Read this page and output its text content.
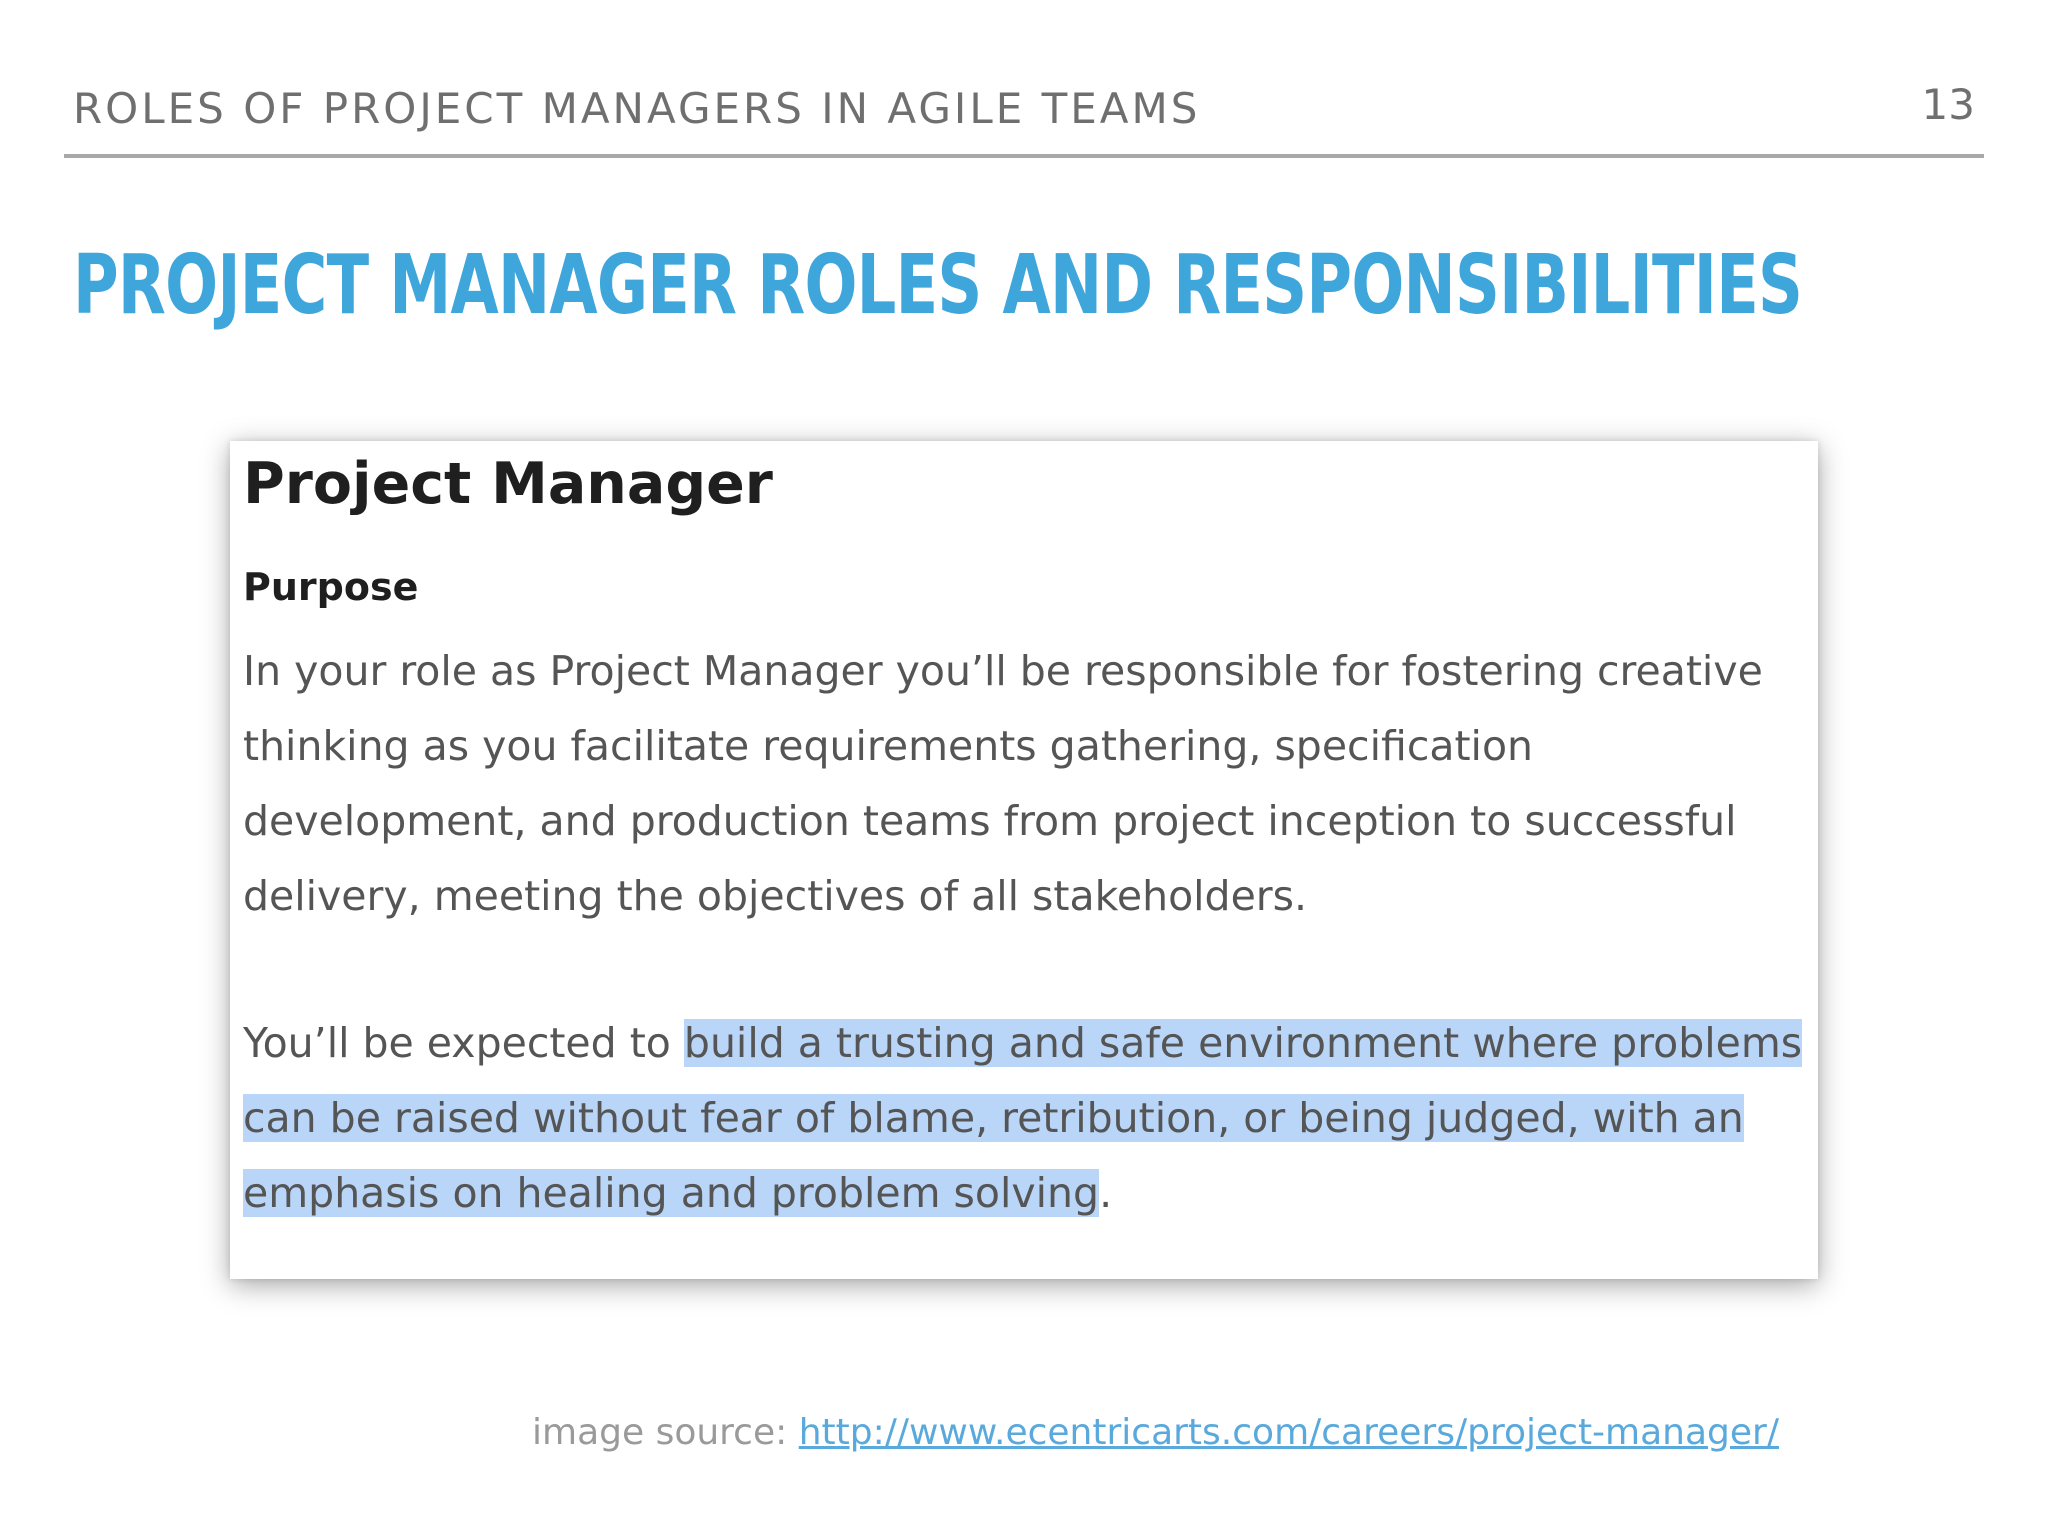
ROLES OF PROJECT MANAGERS IN AGILE TEAMS	13
PROJECT MANAGER ROLES AND RESPONSIBILITIES
Project Manager
Purpose
In your role as Project Manager you’ll be responsible for fostering creative thinking as you facilitate requirements gathering, specification development, and production teams from project inception to successful delivery, meeting the objectives of all stakeholders.
You’ll be expected to build a trusting and safe environment where problems can be raised without fear of blame, retribution, or being judged, with an emphasis on healing and problem solving.
image source: http://www.ecentricarts.com/careers/project-manager/
